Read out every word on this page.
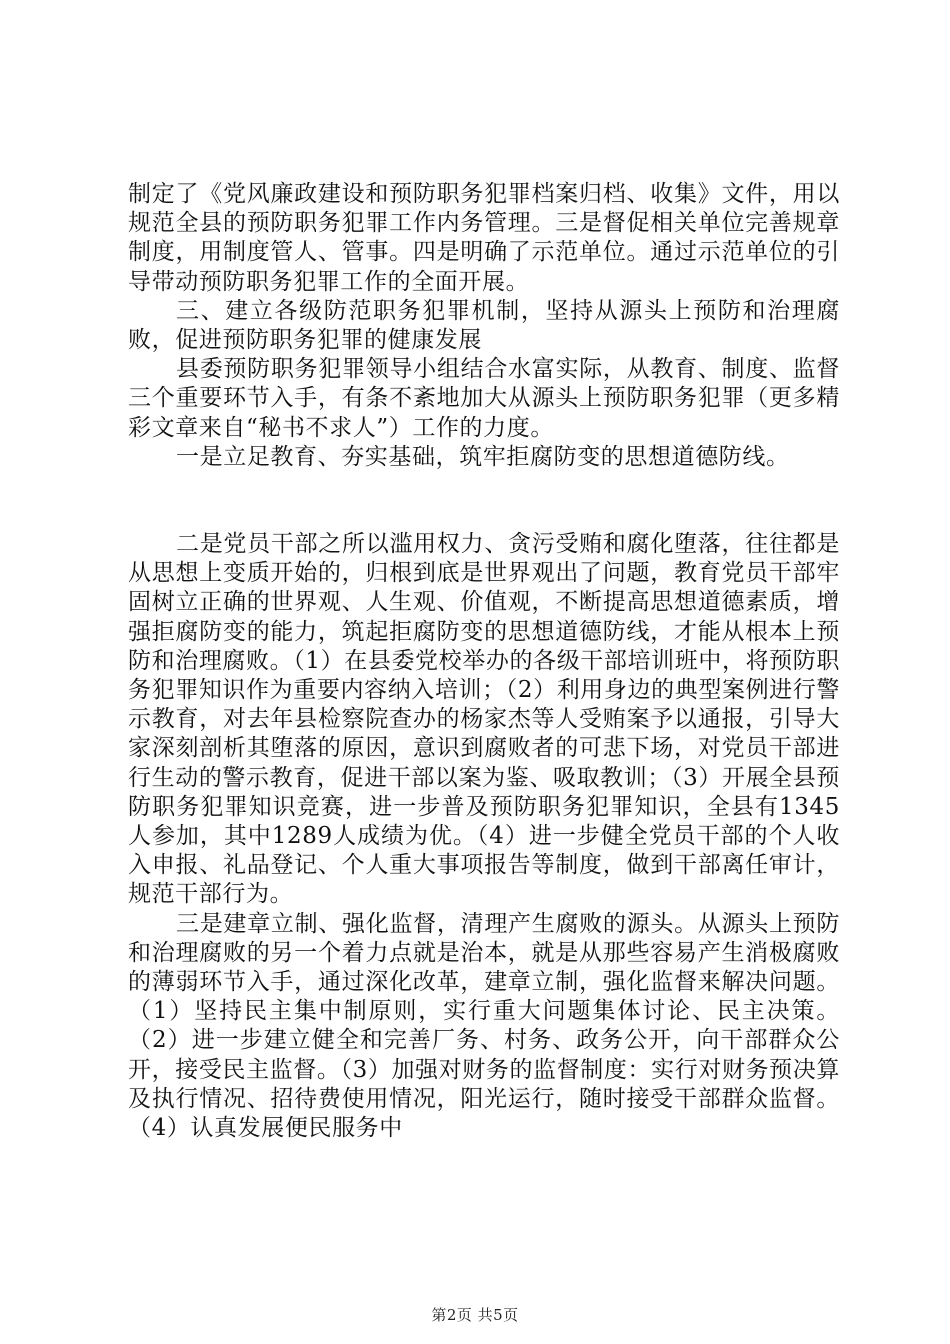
制定了《党风廉政建设和预防职务犯罪档案归档、收集》文件，用以规范全县的预防职务犯罪工作内务管理。三是督促相关单位完善规章制度，用制度管人、管事。四是明确了示范单位。通过示范单位的引导带动预防职务犯罪工作的全面开展。

三、建立各级防范职务犯罪机制，坚持从源头上预防和治理腐败，促进预防职务犯罪的健康发展

县委预防职务犯罪领导小组结合水富实际，从教育、制度、监督三个重要环节入手，有条不紊地加大从源头上预防职务犯罪（更多精彩文章来自“秘书不求人”）工作的力度。

一是立足教育、夯实基础，筑牢拒腐防变的思想道德防线。

二是党员干部之所以滥用权力、贪污受贿和腐化堕落，往往都是从思想上变质开始的，归根到底是世界观出了问题，教育党员干部牢固树立正确的世界观、人生观、价值观，不断提高思想道德素质，增强拒腐防变的能力，筑起拒腐防变的思想道德防线，才能从根本上预防和治理腐败。（1）在县委党校举办的各级干部培训班中，将预防职务犯罪知识作为重要内容纳入培训；（2）利用身边的典型案例进行警示教育，对去年县检察院查办的杨家杰等人受贿案予以通报，引导大家深刻剖析其堕落的原因，意识到腐败者的可悲下场，对党员干部进行生动的警示教育，促进干部以案为鉴、吸取教训；（3）开展全县预防职务犯罪知识竞赛，进一步普及预防职务犯罪知识，全县有1345人参加，其中1289人成绩为优。（4）进一步健全党员干部的个人收入申报、礼品登记、个人重大事项报告等制度，做到干部离任审计，规范干部行为。

三是建章立制、强化监督，清理产生腐败的源头。从源头上预防和治理腐败的另一个着力点就是治本，就是从那些容易产生消极腐败的薄弱环节入手，通过深化改革，建章立制，强化监督来解决问题。（1）坚持民主集中制原则，实行重大问题集体讨论、民主决策。（2）进一步建立健全和完善厂务、村务、政务公开，向干部群众公开，接受民主监督。（3）加强对财务的监督制度：实行对财务预决算及执行情况、招待费使用情况，阳光运行，随时接受干部群众监督。（4）认真发展便民服务中

第2页 共5页
